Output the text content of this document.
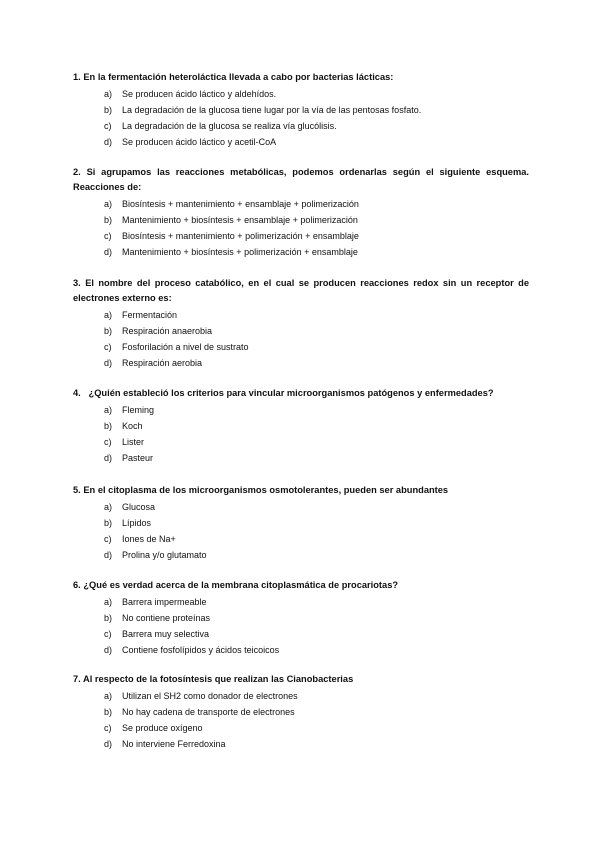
1. En la fermentación heteroláctica llevada a cabo por bacterias lácticas:

a)	Se producen ácido láctico y aldehídos.
b)	La degradación de la glucosa tiene lugar por la vía de las pentosas fosfato.
c)	La degradación de la glucosa se realiza vía glucólisis.
d)	Se producen ácido láctico y acetil-CoA

2. Si agrupamos las reacciones metabólicas, podemos ordenarlas según el siguiente esquema. Reacciones de:

a)	Biosíntesis + mantenimiento + ensamblaje + polimerización
b)	Mantenimiento + biosíntesis + ensamblaje + polimerización
c)	Biosíntesis + mantenimiento + polimerización + ensamblaje
d)	Mantenimiento + biosíntesis + polimerización + ensamblaje

3. El nombre del proceso catabólico, en el cual se producen reacciones redox sin un receptor de electrones externo es:

a)	Fermentación
b)	Respiración anaerobia
c)	Fosforilación a nivel de sustrato
d)	Respiración aerobia

4. ¿Quién estableció los criterios para vincular microorganismos patógenos y enfermedades?

a)	Fleming
b)	Koch
c)	Lister
d)	Pasteur

5. En el citoplasma de los microorganismos osmotolerantes, pueden ser abundantes

a)	Glucosa
b)	Lípidos
c)	Iones de Na+
d)	Prolina y/o glutamato

6. ¿Qué es verdad acerca de la membrana citoplasmática de procariotas?

a)	Barrera impermeable
b)	No contiene proteínas
c)	Barrera muy selectiva
d)	Contiene fosfolípidos y ácidos teicoicos

7. Al respecto de la fotosíntesis que realizan las Cianobacterias

a)	Utilizan el SH2 como donador de electrones
b)	No hay cadena de transporte de electrones
c)	Se produce oxígeno
d)	No interviene Ferredoxina
